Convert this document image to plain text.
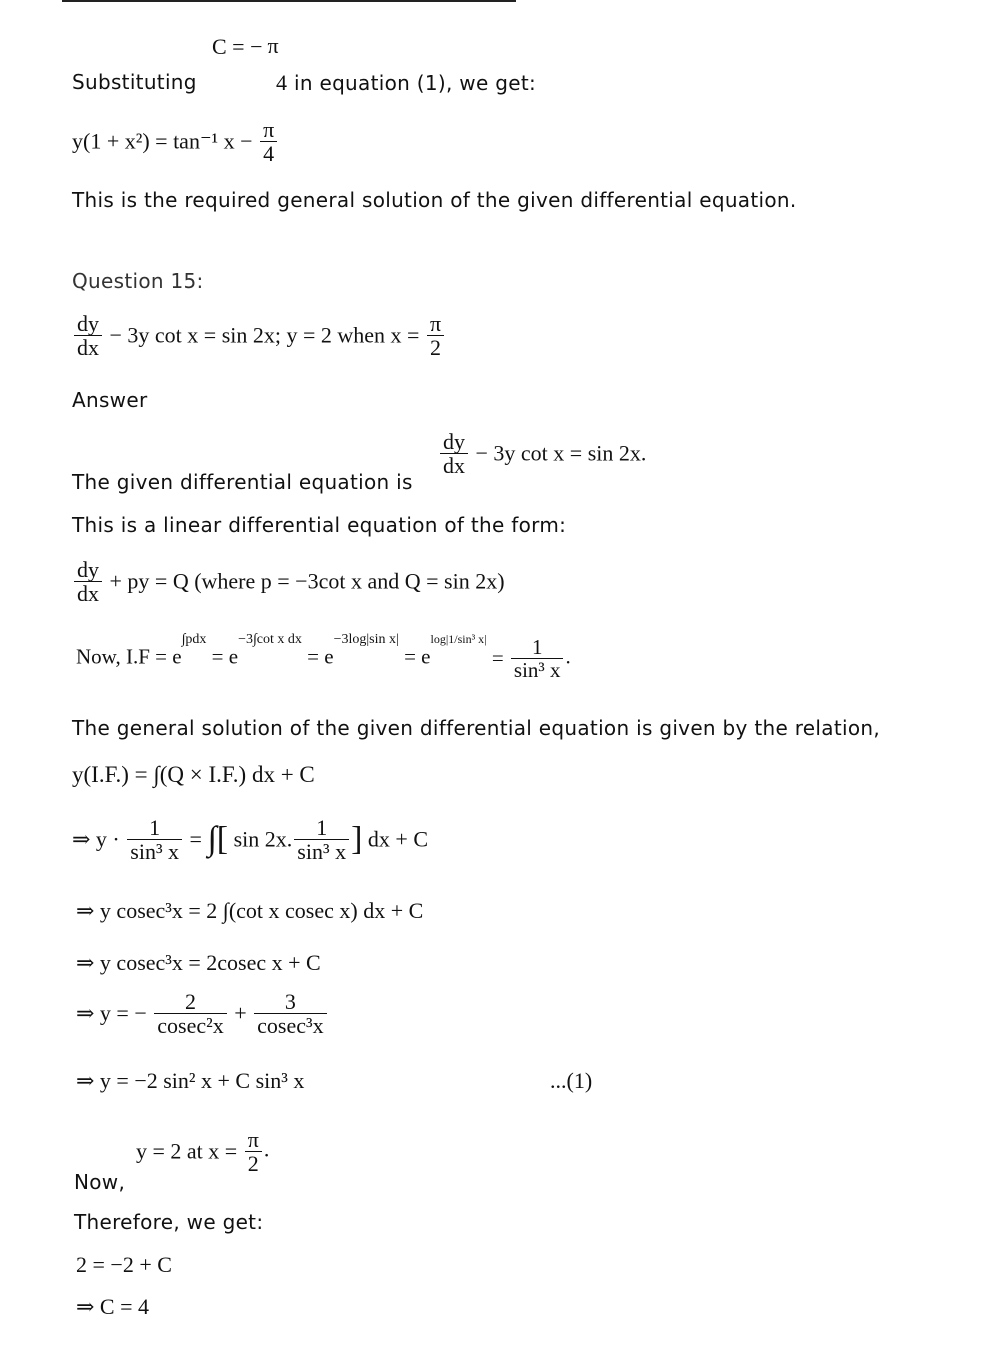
C = − π
Substituting	4 in equation (1), we get:
y(1 + x²) = tan⁻¹ $x - \frac{\pi}{4}$
This is the required general solution of the given differential equation.
Question 15:
$\frac{dy}{dx} - 3y$ cot x = sin 2x; y = 2 when $x = \frac{\pi}{2}$
Answer
The given differential equation is
$\frac{dy}{dx} - 3y$ cot x = sin 2x.
This is a linear differential equation of the form:
$\frac{dy}{dx}$ + py = Q (where p = −3cot x and Q = sin 2x)
Now, $I.F = e^{\int pdx} = e^{-3\int cot x dx} = e^{-3log|sin x|} = e^{log|1/sin^3 x|} = \frac{1}{\text{sin³ x}}$ .
The general solution of the given differential equation is given by the relation,
y(I.F.) = ∫(Q × I.F.) dx + C
⇒ $y \cdot \frac{1}{\text{sin³ x}}$ = ∫[ sin 2x. $\frac{1}{\text{sin³ x}}$ ] dx + C
⇒ y cosec³x = 2 ∫(cot x cosec x) dx + C
⇒ y cosec³x = 2cosec x + C
⇒ y = − $\frac{2}{\text{cosec²x}} + \frac{3}{\text{cosec³x}}$
⇒ y = −2 sin² x + C sin³ x	...(1)
Now,
y = 2 at $x = \frac{\pi}{2}$ .
Therefore, we get:
2 = −2 + C
⇒ C = 4
